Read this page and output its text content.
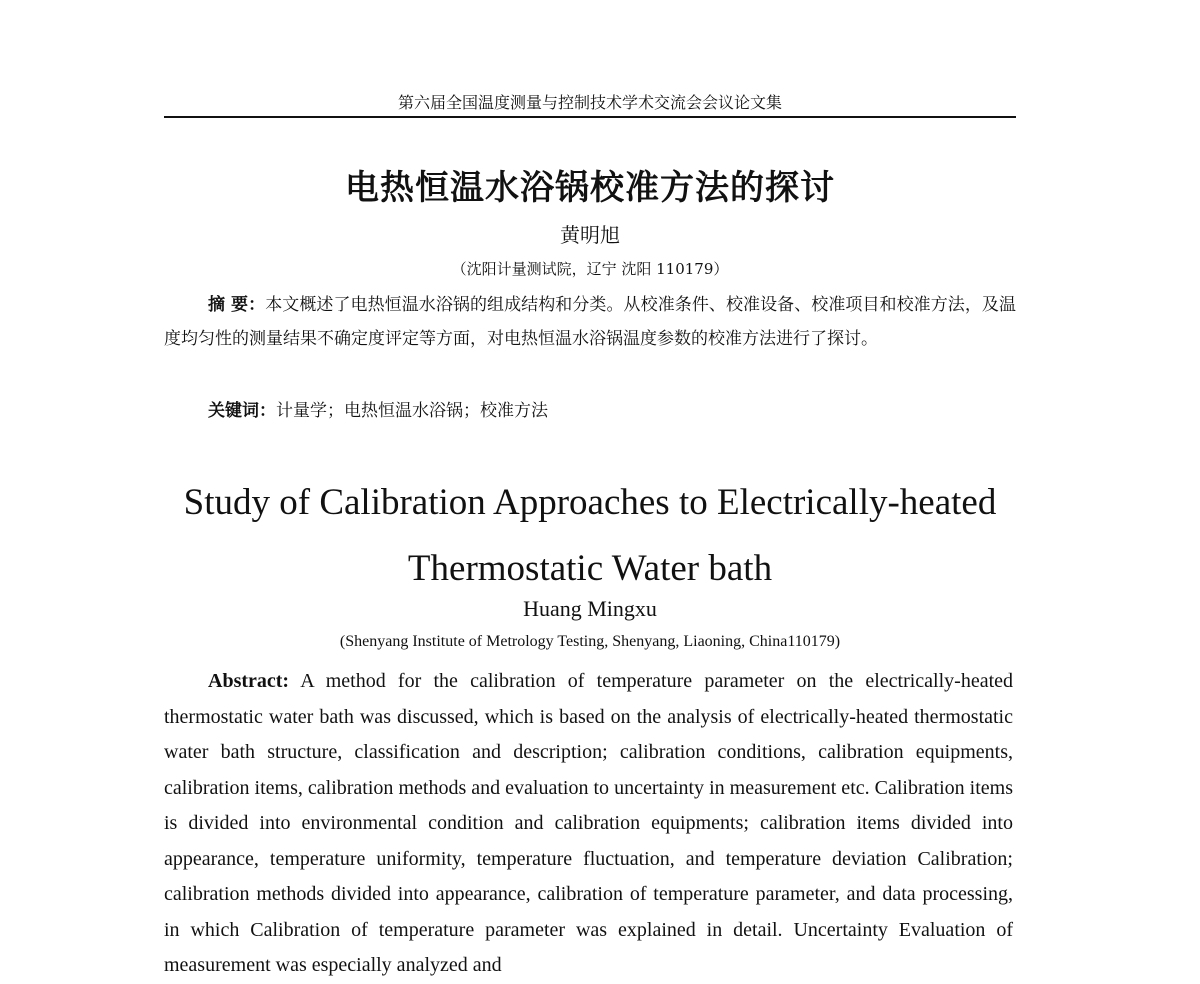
第六届全国温度测量与控制技术学术交流会会议论文集
电热恒温水浴锅校准方法的探讨
黄明旭
（沈阳计量测试院，辽宁 沈阳 110179）

摘 要：本文概述了电热恒温水浴锅的组成结构和分类。从校准条件、校准设备、校准项目和校准方法，及温度均匀性的测量结果不确定度评定等方面，对电热恒温水浴锅温度参数的校准方法进行了探讨。

关键词：计量学；电热恒温水浴锅；校准方法

Study of Calibration Approaches to Electrically-heated Thermostatic Water bath
Huang Mingxu
(Shenyang Institute of Metrology Testing, Shenyang, Liaoning, China110179)

Abstract: A method for the calibration of temperature parameter on the electrically-heated thermostatic water bath was discussed, which is based on the analysis of electrically-heated thermostatic water bath structure, classification and description; calibration conditions, calibration equipments, calibration items, calibration methods and evaluation to uncertainty in measurement etc. Calibration items is divided into environmental condition and calibration equipments; calibration items divided into appearance, temperature uniformity, temperature fluctuation, and temperature deviation Calibration; calibration methods divided into appearance, calibration of temperature parameter, and data processing, in which Calibration of temperature parameter was explained in detail. Uncertainty Evaluation of measurement was especially analyzed and
